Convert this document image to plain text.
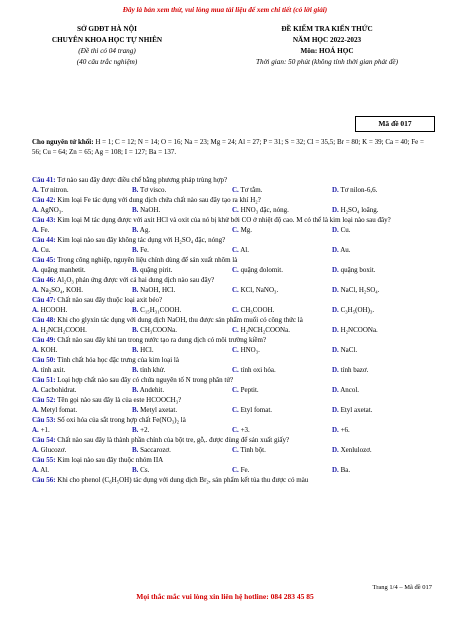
Đây là bản xem thử, vui lòng mua tài liệu để xem chi tiết (có lời giải)
SỞ GDĐT HÀ NỘI
CHUYÊN KHOA HỌC TỰ NHIÊN
(Đề thi có 04 trang)
(40 câu trắc nghiệm)
ĐỀ KIỂM TRA KIẾN THỨC
NĂM HỌC 2022-2023
Môn: HOÁ HỌC
Thời gian: 50 phút (không tính thời gian phát đề)
Mã đề 017
Cho nguyên tử khối: H = 1; C = 12; N = 14; O = 16; Na = 23; Mg = 24; Al = 27; P = 31; S = 32; Cl = 35,5; Br = 80; K = 39; Ca = 40; Fe = 56; Cu = 64; Zn = 65; Ag = 108; I = 127; Ba = 137.
Câu 41: Tơ nào sau đây được điều chế bằng phương pháp trùng hợp?
A. Tơ nitron.	B. Tơ visco.	C. Tơ tằm.	D. Tơ nilon-6,6.
Câu 42: Kim loại Fe tác dụng với dung dịch chứa chất nào sau đây tạo ra khí H₂?
A. AgNO₃.	B. NaOH.	C. HNO₃ đặc, nóng.	D. H₂SO₄ loãng.
Câu 43: Kim loại M tác dụng được với axit HCl và oxit của nó bị khử bởi CO ở nhiệt độ cao. M có thể là kim loại nào sau đây?
A. Fe.	B. Ag.	C. Mg.	D. Cu.
Câu 44: Kim loại nào sau đây không tác dụng với H₂SO₄ đặc, nóng?
A. Cu.	B. Fe.	C. Al.	D. Au.
Câu 45: Trong công nghiệp, nguyên liệu chính dùng để sản xuất nhôm là
A. quặng manhetit.	B. quặng pirit.	C. quặng đolomit.	D. quặng boxit.
Câu 46: Al₂O₃ phản ứng được với cả hai dung dịch nào sau đây?
A. Na₂SO₄, KOH.	B. NaOH, HCl.	C. KCl, NaNO₃.	D. NaCl, H₂SO₄.
Câu 47: Chất nào sau đây thuộc loại axit béo?
A. HCOOH.	B. C₁₅H₃₁COOH.	C. CH₃COOH.	D. C₃H₅(OH)₃.
Câu 48: Khi cho glyxin tác dụng với dung dịch NaOH, thu được sản phẩm muối có công thức là
A. H₂NCH₂COOH.	B. CH₃COONa.	C. H₂NCH₂COONa.	D. H₂NCOONa.
Câu 49: Chất nào sau đây khi tan trong nước tạo ra dung dịch có môi trường kiềm?
A. KOH.	B. HCl.	C. HNO₃.	D. NaCl.
Câu 50: Tính chất hóa học đặc trưng của kim loại là
A. tính axit.	B. tính khử.	C. tính oxi hóa.	D. tính bazơ.
Câu 51: Loại hợp chất nào sau đây có chứa nguyên tố N trong phân tử?
A. Cacbohidrat.	B. Andehit.	C. Peptit.	D. Ancol.
Câu 52: Tên gọi nào sau đây là của este HCOOCH₃?
A. Metyl fomat.	B. Metyl axetat.	C. Etyl fomat.	D. Etyl axetat.
Câu 53: Số oxi hóa của sắt trong hợp chất Fe(NO₃)₂ là
A. +1.	B. +2.	C. +3.	D. +6.
Câu 54: Chất nào sau đây là thành phần chính của bột tre, gỗ,. được dùng để sản xuất giấy?
A. Glucozơ.	B. Saccarozơ.	C. Tinh bột.	D. Xenlulozơ.
Câu 55: Kim loại nào sau đây thuộc nhóm IIA
A. Al.	B. Cs.	C. Fe.	D. Ba.
Câu 56: Khi cho phenol (C₆H₅OH) tác dụng với dung dịch Br₂, sản phẩm kết tủa thu được có màu
Trang 1/4 – Mã đề 017
Mọi thắc mắc vui lòng xin liên hệ hotline: 084 283 45 85
